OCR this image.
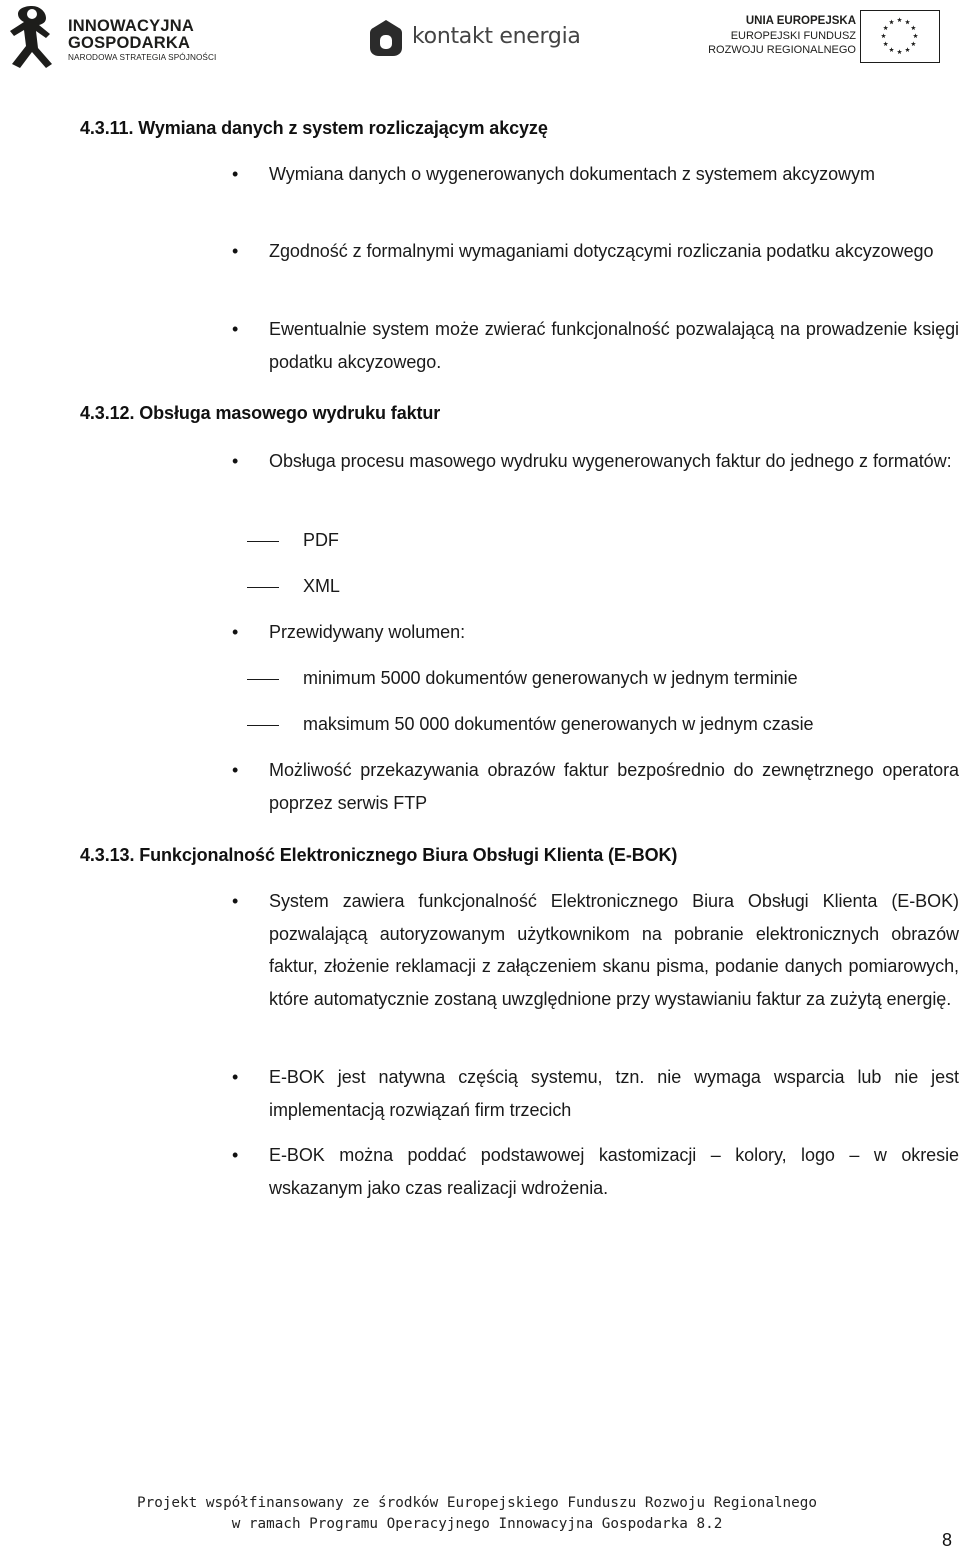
INNOWACYJNA
GOSPODARKA
NARODOWA STRATEGIA SPÓJNOŚCI
kontakt energia
UNIA EUROPEJSKA
EUROPEJSKI FUNDUSZ
ROZWOJU REGIONALNEGO
4.3.11. Wymiana danych z system rozliczającym akcyzę
• Wymiana danych o wygenerowanych dokumentach z systemem akcyzowym
• Zgodność z formalnymi wymaganiami dotyczącymi rozliczania podatku akcyzowego
• Ewentualnie system może zwierać funkcjonalność pozwalającą na prowadzenie księgi podatku akcyzowego.
4.3.12. Obsługa masowego wydruku faktur
• Obsługa procesu masowego wydruku wygenerowanych faktur do jednego z formatów:
PDF
XML
• Przewidywany wolumen:
minimum 5000 dokumentów generowanych w jednym terminie
maksimum 50 000 dokumentów generowanych w jednym czasie
• Możliwość przekazywania obrazów faktur bezpośrednio do zewnętrznego operatora poprzez serwis FTP
4.3.13. Funkcjonalność Elektronicznego Biura Obsługi Klienta (E-BOK)
• System zawiera funkcjonalność Elektronicznego Biura Obsługi Klienta (E-BOK) pozwalającą autoryzowanym użytkownikom na pobranie elektronicznych obrazów faktur, złożenie reklamacji z załączeniem skanu pisma, podanie danych pomiarowych, które automatycznie zostaną uwzględnione przy wystawianiu faktur za zużytą energię.
• E-BOK jest natywna częścią systemu, tzn. nie wymaga wsparcia lub nie jest implementacją rozwiązań firm trzecich
• E-BOK można poddać podstawowej kastomizacji – kolory, logo – w okresie wskazanym jako czas realizacji wdrożenia.
Projekt współfinansowany ze środków Europejskiego Funduszu Rozwoju Regionalnego
w ramach Programu Operacyjnego Innowacyjna Gospodarka 8.2
8
